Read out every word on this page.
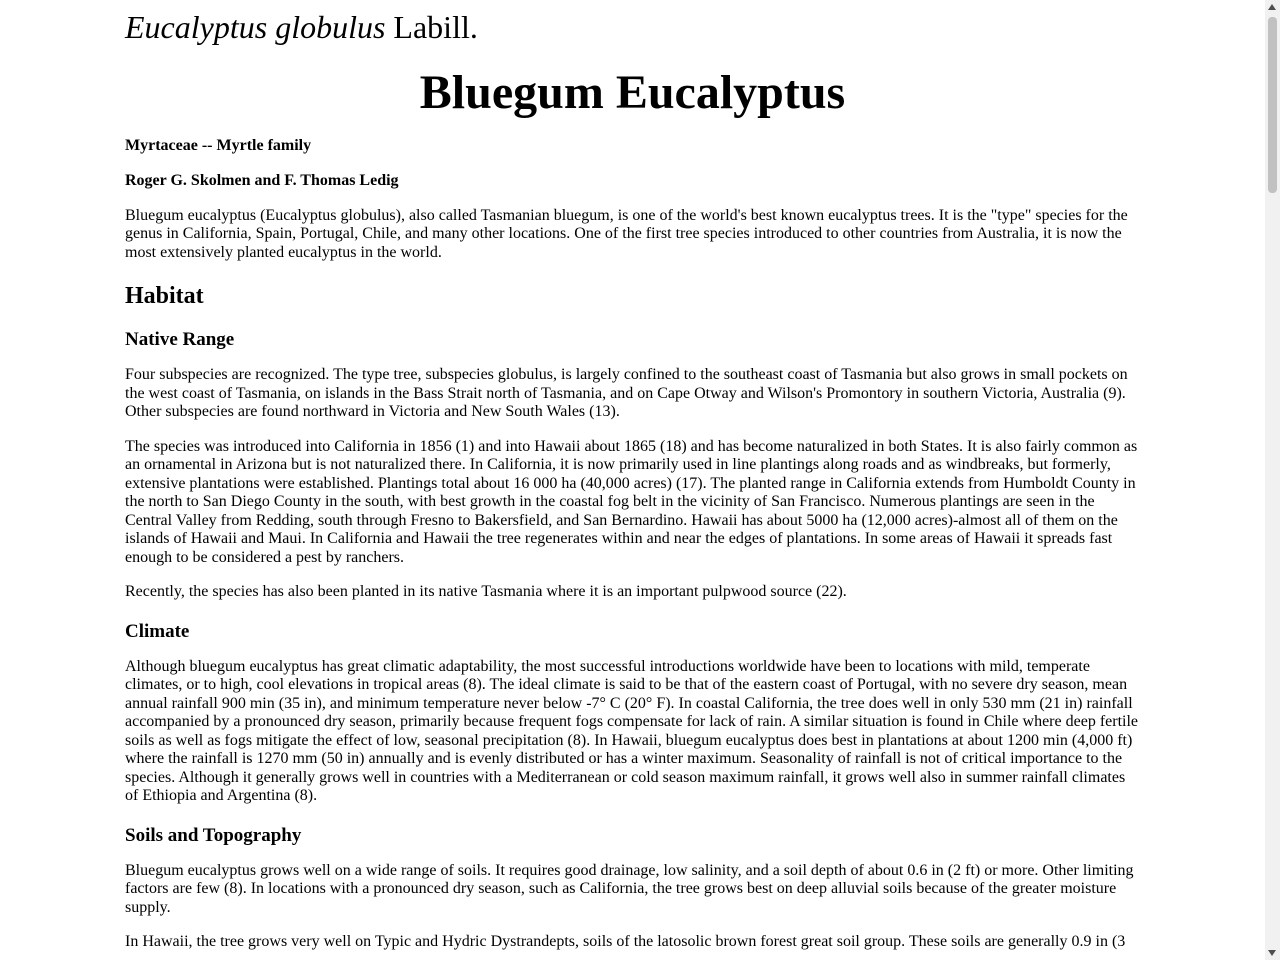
Eucalyptus globulus Labill.
Bluegum Eucalyptus

Myrtaceae -- Myrtle family

Roger G. Skolmen and F. Thomas Ledig

Bluegum eucalyptus (Eucalyptus globulus), also called Tasmanian bluegum, is one of the world's best known eucalyptus trees. It is the "type" species for the genus in California, Spain, Portugal, Chile, and many other locations. One of the first tree species introduced to other countries from Australia, it is now the most extensively planted eucalyptus in the world.

Habitat
Native Range

Four subspecies are recognized. The type tree, subspecies globulus, is largely confined to the southeast coast of Tasmania but also grows in small pockets on the west coast of Tasmania, on islands in the Bass Strait north of Tasmania, and on Cape Otway and Wilson's Promontory in southern Victoria, Australia (9). Other subspecies are found northward in Victoria and New South Wales (13).

The species was introduced into California in 1856 (1) and into Hawaii about 1865 (18) and has become naturalized in both States. It is also fairly common as an ornamental in Arizona but is not naturalized there. In California, it is now primarily used in line plantings along roads and as windbreaks, but formerly, extensive plantations were established. Plantings total about 16 000 ha (40,000 acres) (17). The planted range in California extends from Humboldt County in the north to San Diego County in the south, with best growth in the coastal fog belt in the vicinity of San Francisco. Numerous plantings are seen in the Central Valley from Redding, south through Fresno to Bakersfield, and San Bernardino. Hawaii has about 5000 ha (12,000 acres)-almost all of them on the islands of Hawaii and Maui. In California and Hawaii the tree regenerates within and near the edges of plantations. In some areas of Hawaii it spreads fast enough to be considered a pest by ranchers.

Recently, the species has also been planted in its native Tasmania where it is an important pulpwood source (22).

Climate

Although bluegum eucalyptus has great climatic adaptability, the most successful introductions worldwide have been to locations with mild, temperate climates, or to high, cool elevations in tropical areas (8). The ideal climate is said to be that of the eastern coast of Portugal, with no severe dry season, mean annual rainfall 900 min (35 in), and minimum temperature never below -7° C (20° F). In coastal California, the tree does well in only 530 mm (21 in) rainfall accompanied by a pronounced dry season, primarily because frequent fogs compensate for lack of rain. A similar situation is found in Chile where deep fertile soils as well as fogs mitigate the effect of low, seasonal precipitation (8). In Hawaii, bluegum eucalyptus does best in plantations at about 1200 min (4,000 ft) where the rainfall is 1270 mm (50 in) annually and is evenly distributed or has a winter maximum. Seasonality of rainfall is not of critical importance to the species. Although it generally grows well in countries with a Mediterranean or cold season maximum rainfall, it grows well also in summer rainfall climates of Ethiopia and Argentina (8).

Soils and Topography

Bluegum eucalyptus grows well on a wide range of soils. It requires good drainage, low salinity, and a soil depth of about 0.6 in (2 ft) or more. Other limiting factors are few (8). In locations with a pronounced dry season, such as California, the tree grows best on deep alluvial soils because of the greater moisture supply.

In Hawaii, the tree grows very well on Typic and Hydric Dystrandepts, soils of the latosolic brown forest great soil group. These soils are generally 0.9 in (3
